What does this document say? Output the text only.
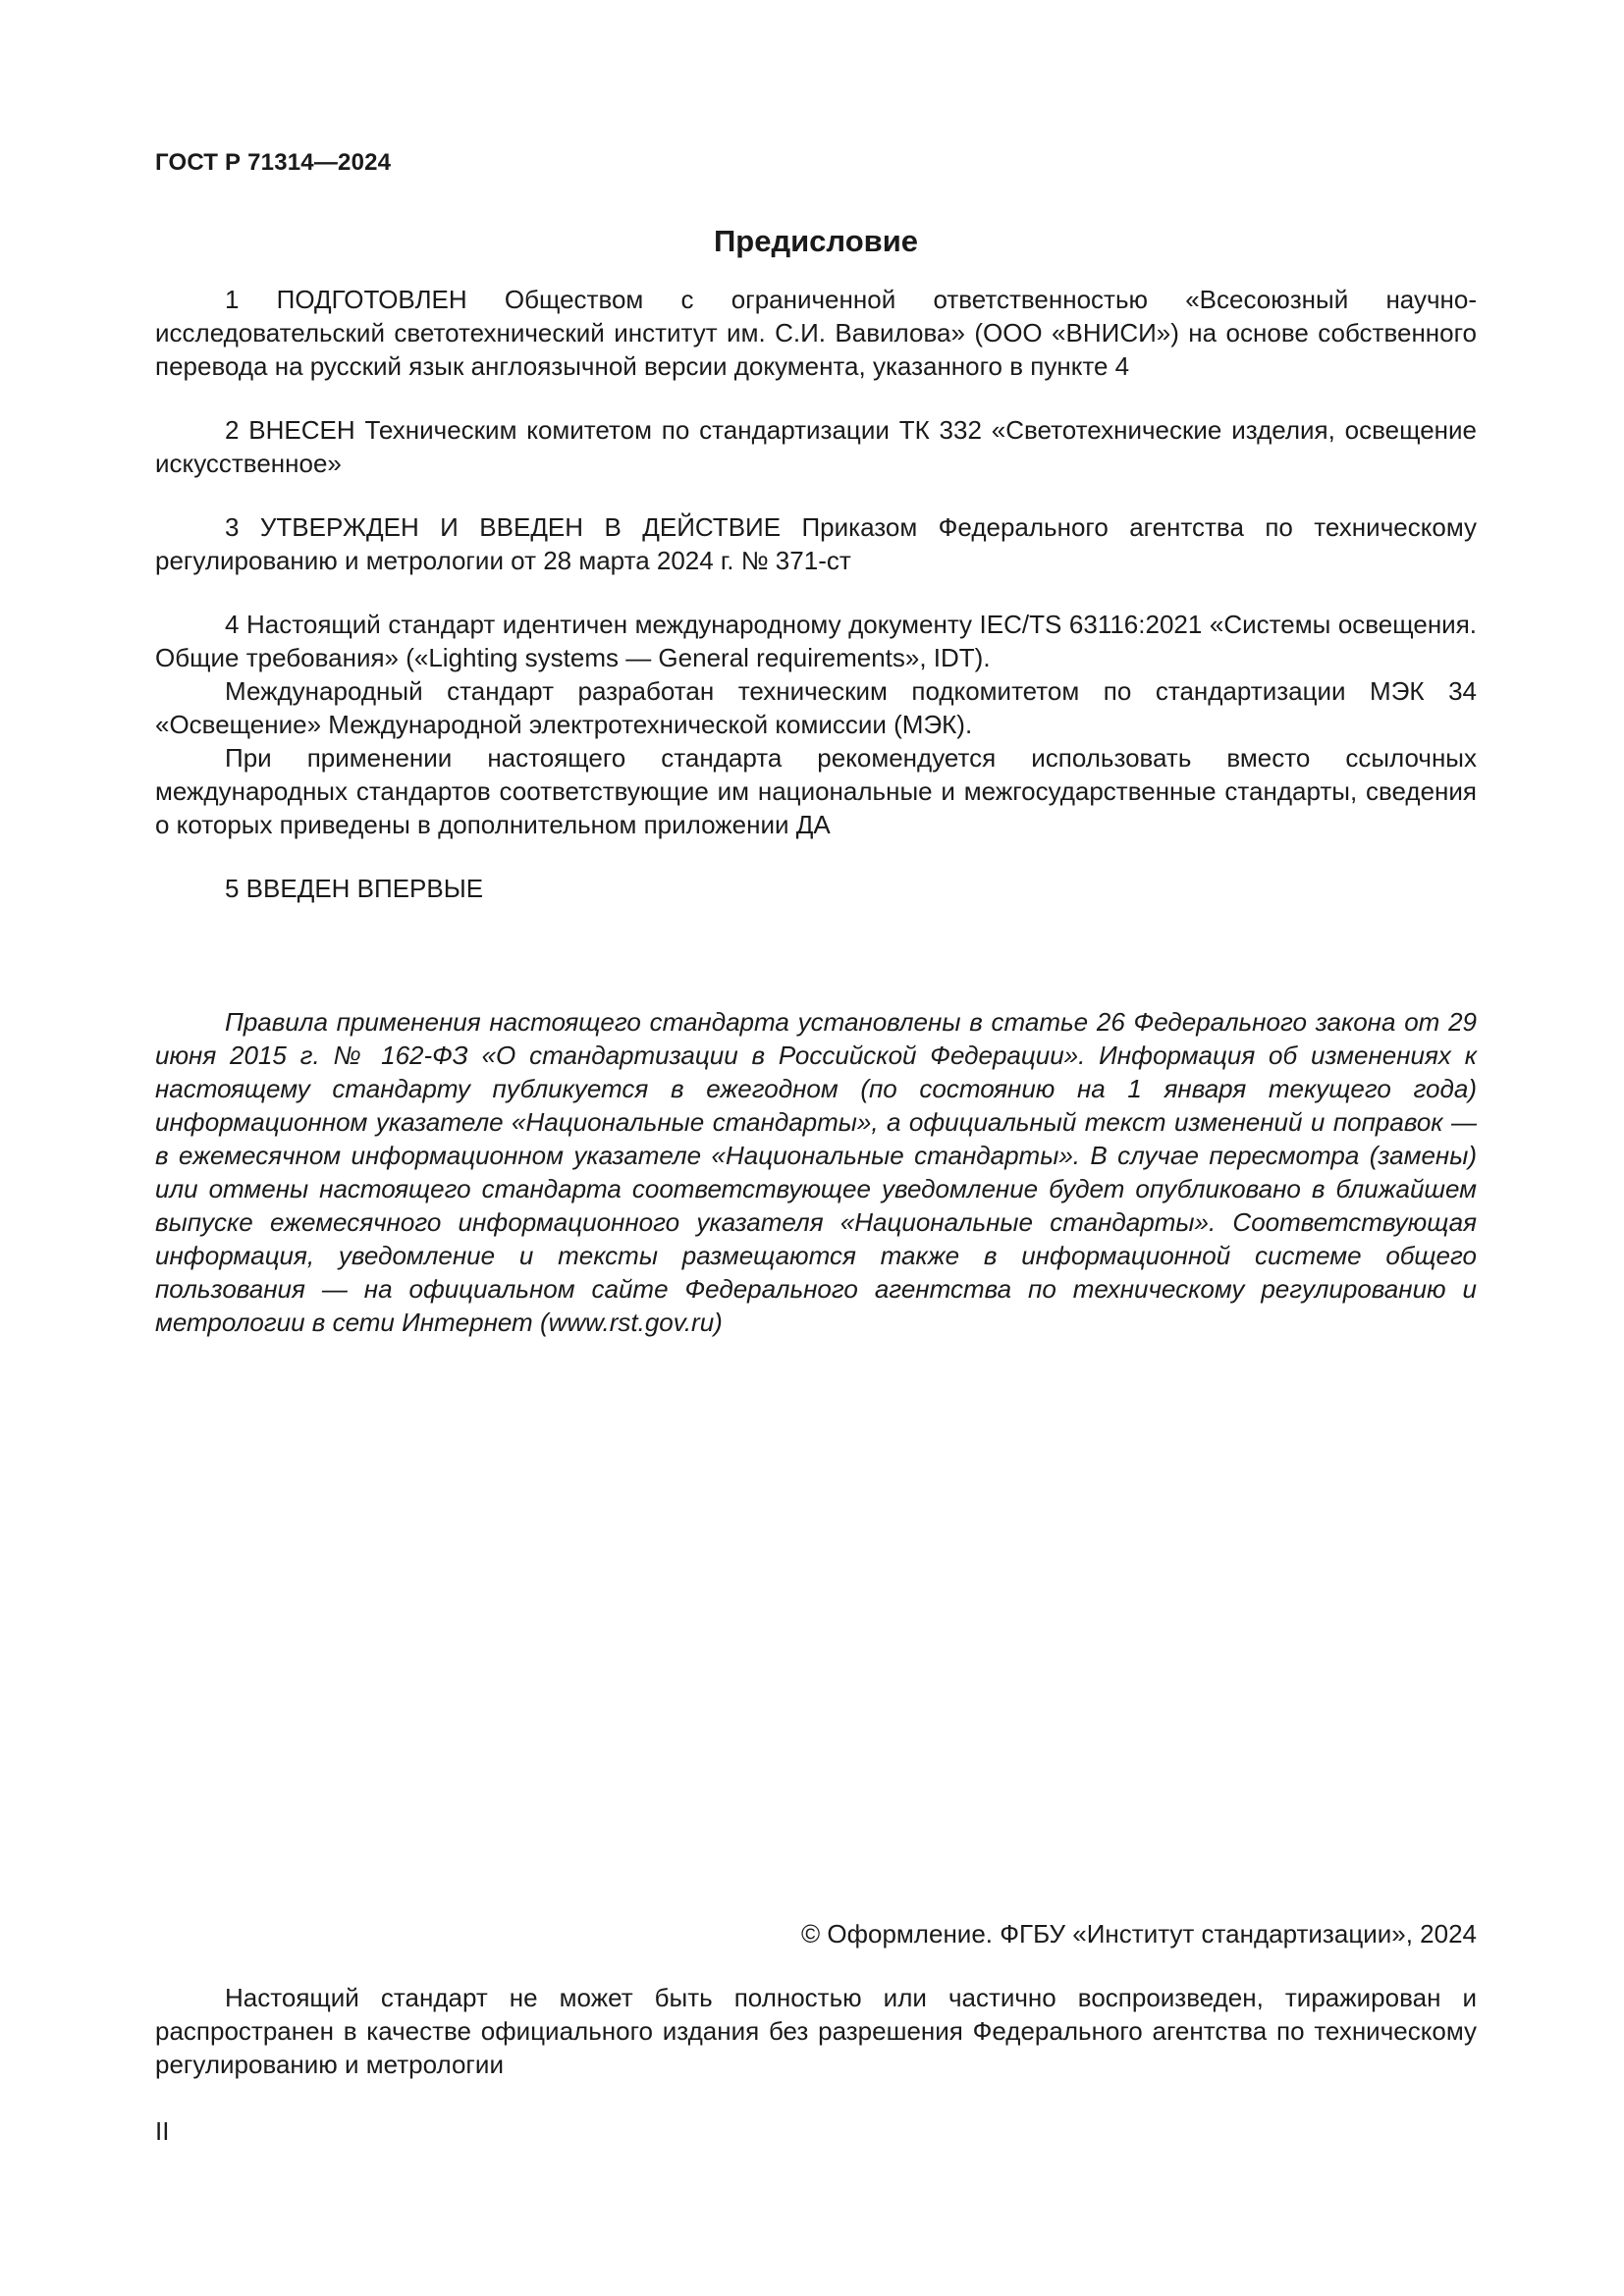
ГОСТ Р 71314—2024
Предисловие

1 ПОДГОТОВЛЕН Обществом с ограниченной ответственностью «Всесоюзный научно-исследовательский светотехнический институт им. С.И. Вавилова» (ООО «ВНИСИ») на основе собственного перевода на русский язык англоязычной версии документа, указанного в пункте 4

2 ВНЕСЕН Техническим комитетом по стандартизации ТК 332 «Светотехнические изделия, освещение искусственное»

3 УТВЕРЖДЕН И ВВЕДЕН В ДЕЙСТВИЕ Приказом Федерального агентства по техническому регулированию и метрологии от 28 марта 2024 г. № 371-ст

4 Настоящий стандарт идентичен международному документу IEC/TS 63116:2021 «Системы освещения. Общие требования» («Lighting systems — General requirements», IDT).

Международный стандарт разработан техническим подкомитетом по стандартизации МЭК 34 «Освещение» Международной электротехнической комиссии (МЭК).

При применении настоящего стандарта рекомендуется использовать вместо ссылочных международных стандартов соответствующие им национальные и межгосударственные стандарты, сведения о которых приведены в дополнительном приложении ДА

5 ВВЕДЕН ВПЕРВЫЕ

Правила применения настоящего стандарта установлены в статье 26 Федерального закона от 29 июня 2015 г. № 162-ФЗ «О стандартизации в Российской Федерации». Информация об изменениях к настоящему стандарту публикуется в ежегодном (по состоянию на 1 января текущего года) информационном указателе «Национальные стандарты», а официальный текст изменений и поправок — в ежемесячном информационном указателе «Национальные стандарты». В случае пересмотра (замены) или отмены настоящего стандарта соответствующее уведомление будет опубликовано в ближайшем выпуске ежемесячного информационного указателя «Национальные стандарты». Соответствующая информация, уведомление и тексты размещаются также в информационной системе общего пользования — на официальном сайте Федерального агентства по техническому регулированию и метрологии в сети Интернет (www.rst.gov.ru)

© Оформление. ФГБУ «Институт стандартизации», 2024

Настоящий стандарт не может быть полностью или частично воспроизведен, тиражирован и распространен в качестве официального издания без разрешения Федерального агентства по техническому регулированию и метрологии

II
